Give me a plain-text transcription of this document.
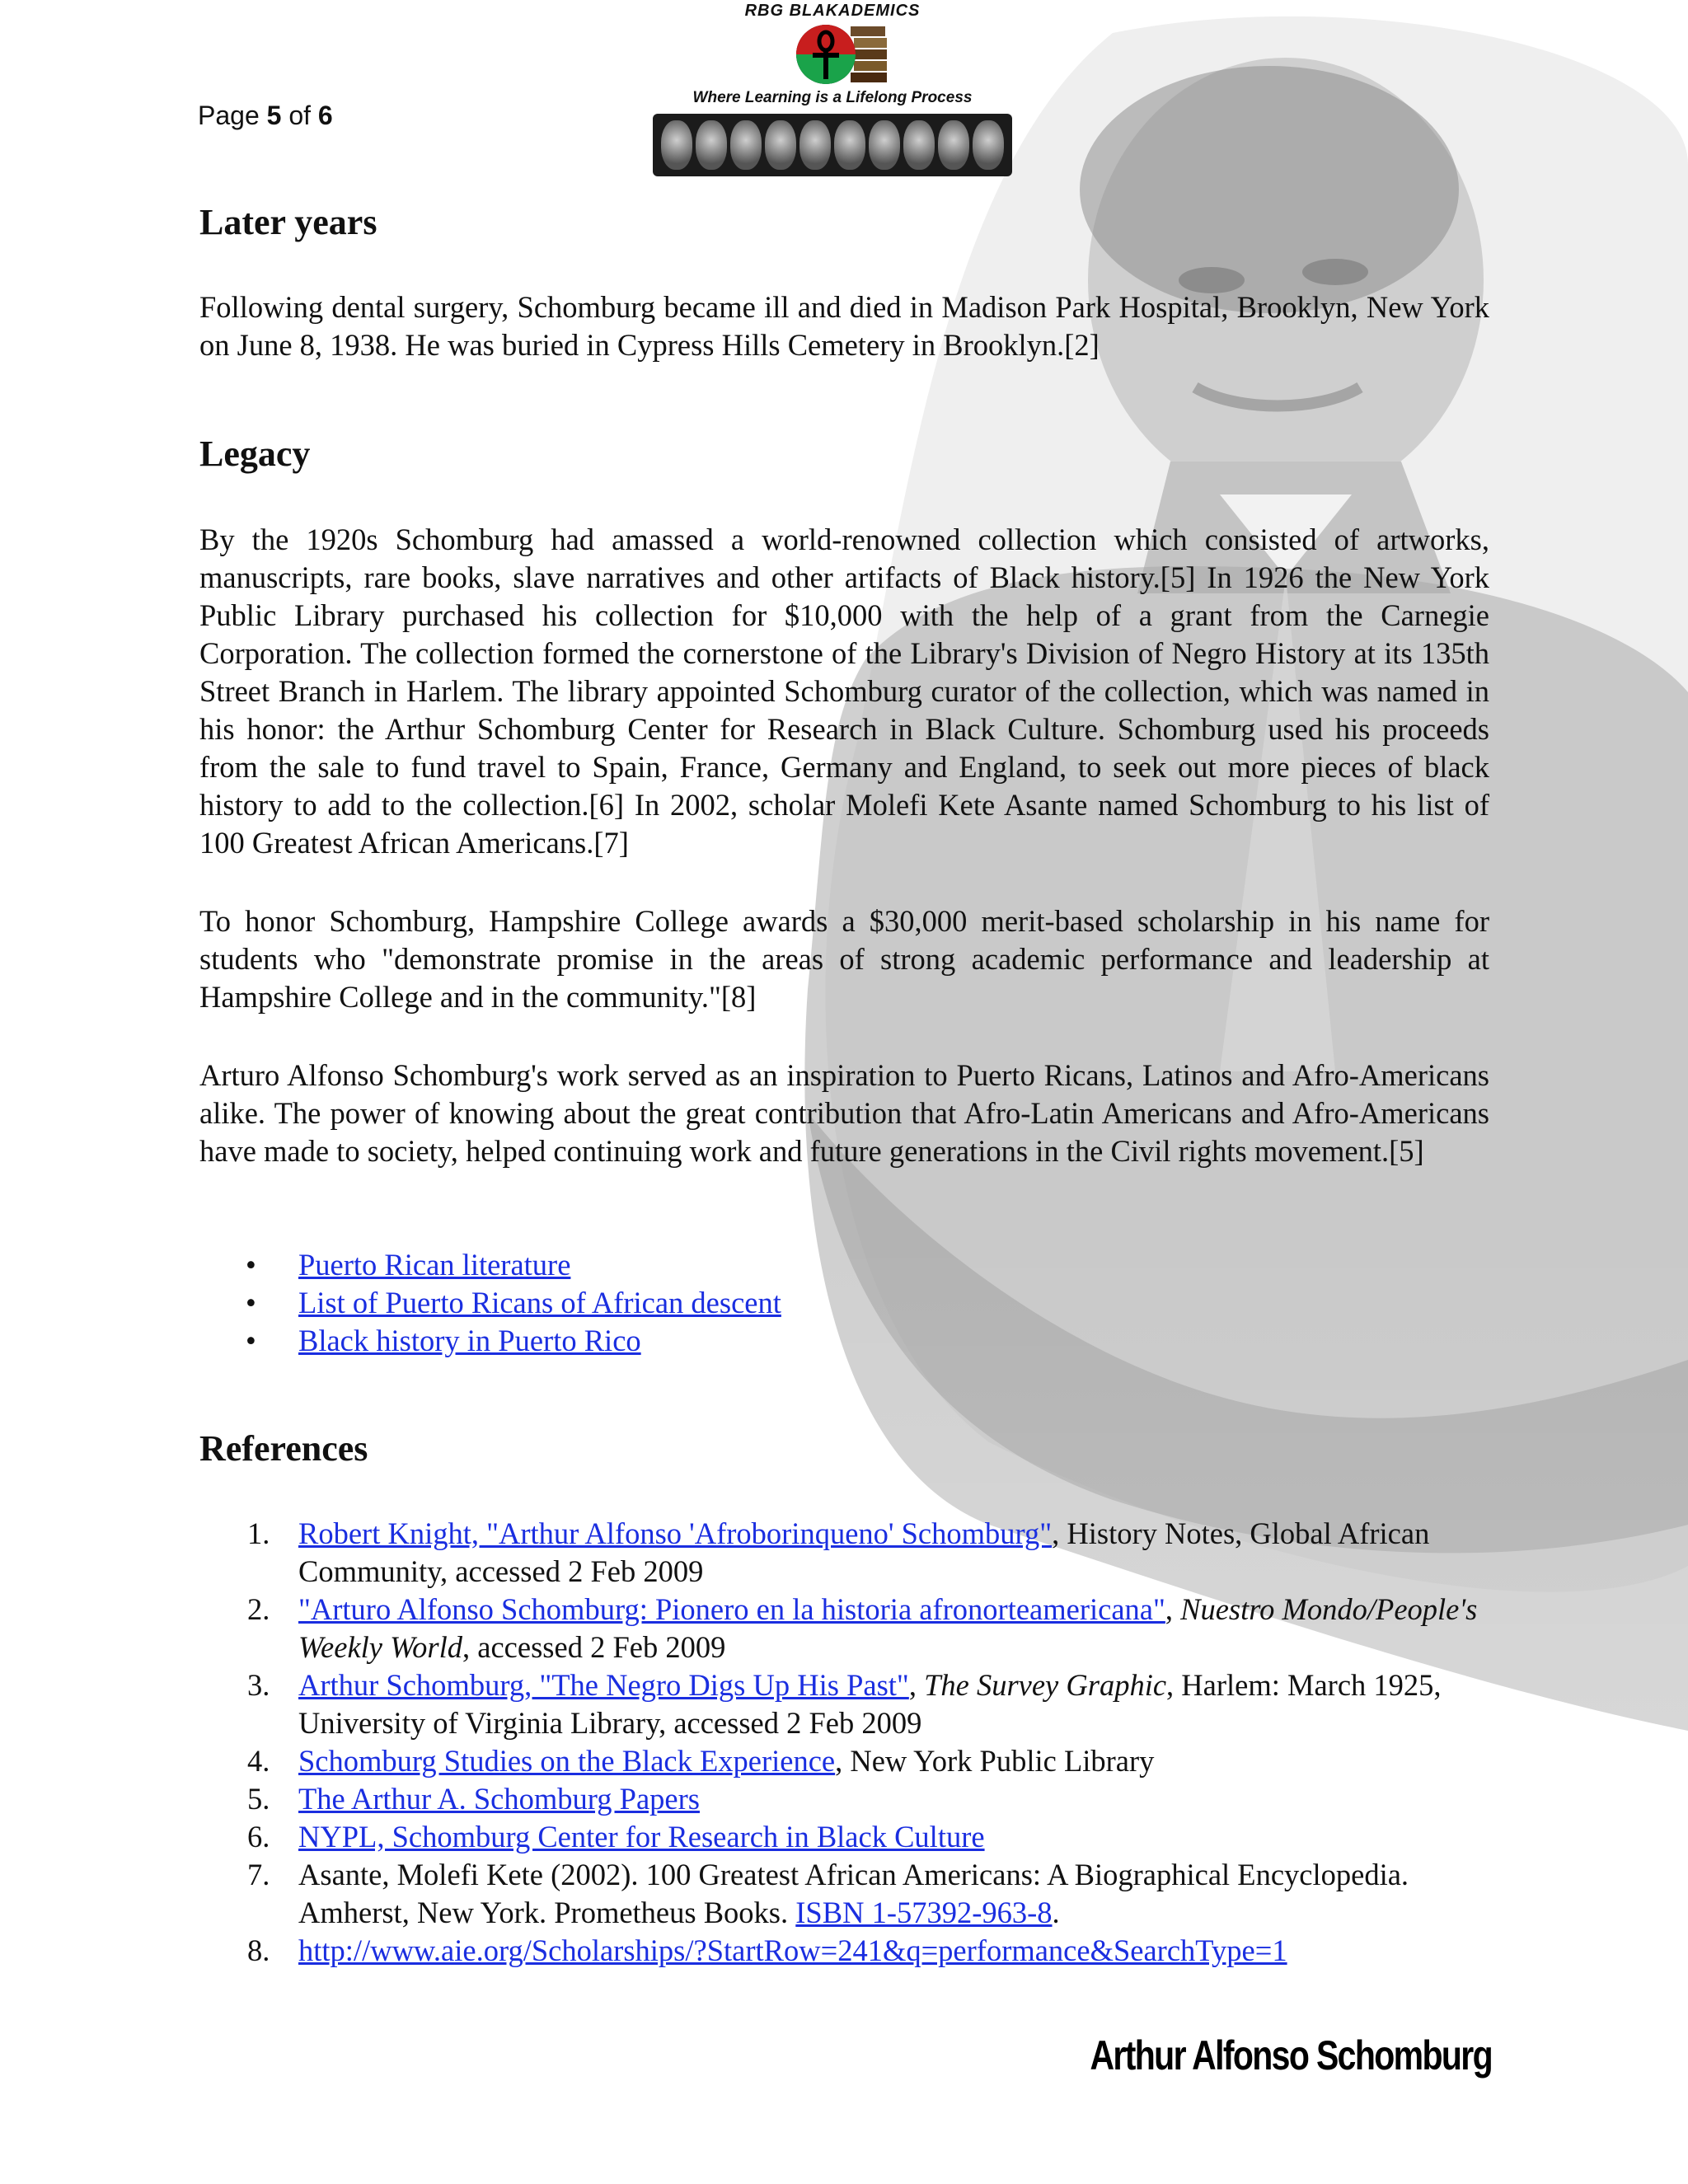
Page 5 of 6
RBG BLAKADEMICS
Where Learning is a Lifelong Process
Later years

Following dental surgery, Schomburg became ill and died in Madison Park Hospital, Brooklyn, New York on June 8, 1938. He was buried in Cypress Hills Cemetery in Brooklyn.[2]

Legacy

By the 1920s Schomburg had amassed a world-renowned collection which consisted of artworks, manuscripts, rare books, slave narratives and other artifacts of Black history.[5] In 1926 the New York Public Library purchased his collection for $10,000 with the help of a grant from the Carnegie Corporation. The collection formed the cornerstone of the Library's Division of Negro History at its 135th Street Branch in Harlem. The library appointed Schomburg curator of the collection, which was named in his honor: the Arthur Schomburg Center for Research in Black Culture. Schomburg used his proceeds from the sale to fund travel to Spain, France, Germany and England, to seek out more pieces of black history to add to the collection.[6] In 2002, scholar Molefi Kete Asante named Schomburg to his list of 100 Greatest African Americans.[7]

To honor Schomburg, Hampshire College awards a $30,000 merit-based scholarship in his name for students who "demonstrate promise in the areas of strong academic performance and leadership at Hampshire College and in the community."[8]

Arturo Alfonso Schomburg's work served as an inspiration to Puerto Ricans, Latinos and Afro-Americans alike. The power of knowing about the great contribution that Afro-Latin Americans and Afro-Americans have made to society, helped continuing work and future generations in the Civil rights movement.[5]

• Puerto Rican literature
• List of Puerto Ricans of African descent
• Black history in Puerto Rico
References
1. Robert Knight, "Arthur Alfonso 'Afroborinqueno' Schomburg", History Notes, Global African Community, accessed 2 Feb 2009
2. "Arturo Alfonso Schomburg: Pionero en la historia afronorteamericana", Nuestro Mondo/People's Weekly World, accessed 2 Feb 2009
3. Arthur Schomburg, "The Negro Digs Up His Past", The Survey Graphic, Harlem: March 1925, University of Virginia Library, accessed 2 Feb 2009
4. Schomburg Studies on the Black Experience, New York Public Library
5. The Arthur A. Schomburg Papers
6. NYPL, Schomburg Center for Research in Black Culture
7. Asante, Molefi Kete (2002). 100 Greatest African Americans: A Biographical Encyclopedia. Amherst, New York. Prometheus Books. ISBN 1-57392-963-8.
8. http://www.aie.org/Scholarships/?StartRow=241&q=performance&SearchType=1
Arthur Alfonso Schomburg
